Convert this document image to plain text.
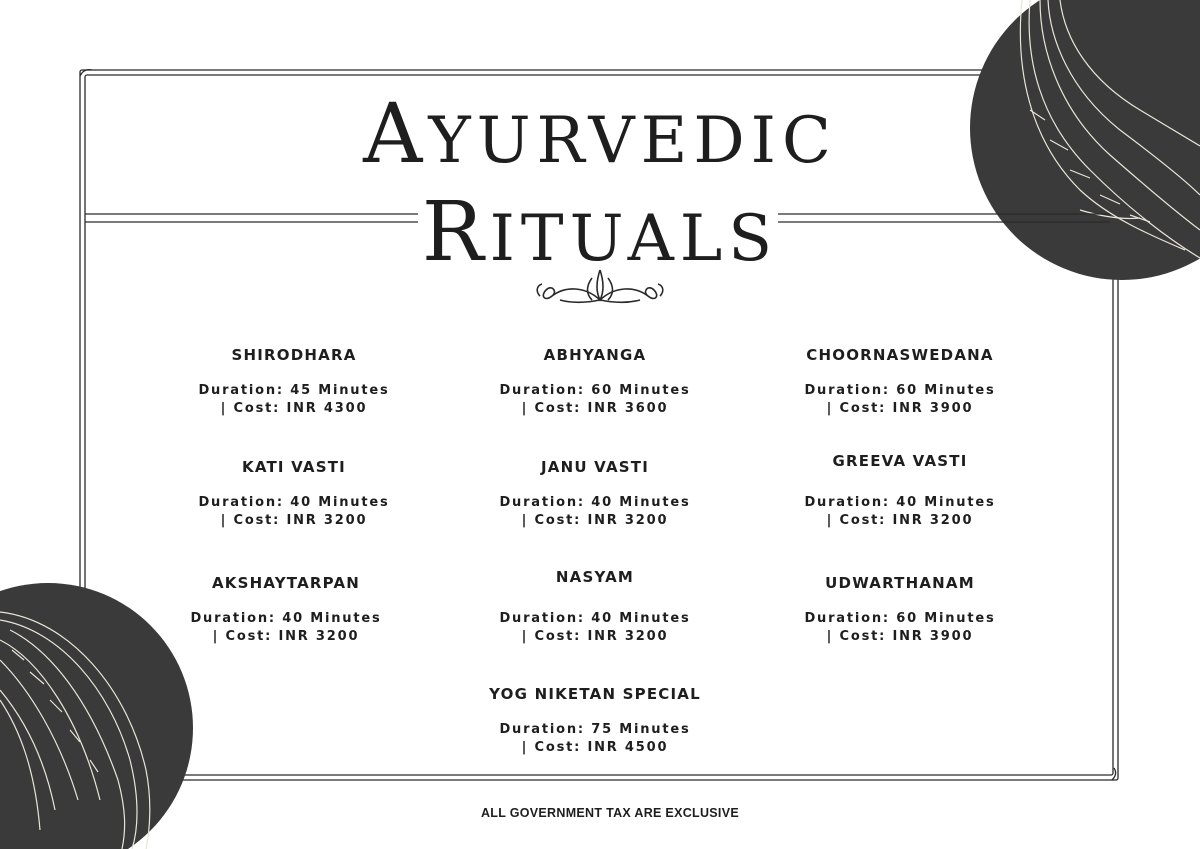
AYURVEDIC
RITUALS
SHIRODHARA
Duration: 45 Minutes
| Cost: INR 4300
ABHYANGA
Duration: 60 Minutes
| Cost: INR 3600
CHOORNASWEDANA
Duration: 60 Minutes
| Cost: INR 3900
KATI VASTI
Duration: 40 Minutes
| Cost: INR 3200
JANU VASTI
Duration: 40 Minutes
| Cost: INR 3200
GREEVA VASTI
Duration: 40 Minutes
| Cost: INR 3200
AKSHAYTARPAN
Duration: 40 Minutes
| Cost: INR 3200
NASYAM
Duration: 40 Minutes
| Cost: INR 3200
UDWARTHANAM
Duration: 60 Minutes
| Cost: INR 3900
YOG NIKETAN SPECIAL
Duration: 75 Minutes
| Cost: INR 4500
ALL GOVERNMENT TAX ARE EXCLUSIVE
